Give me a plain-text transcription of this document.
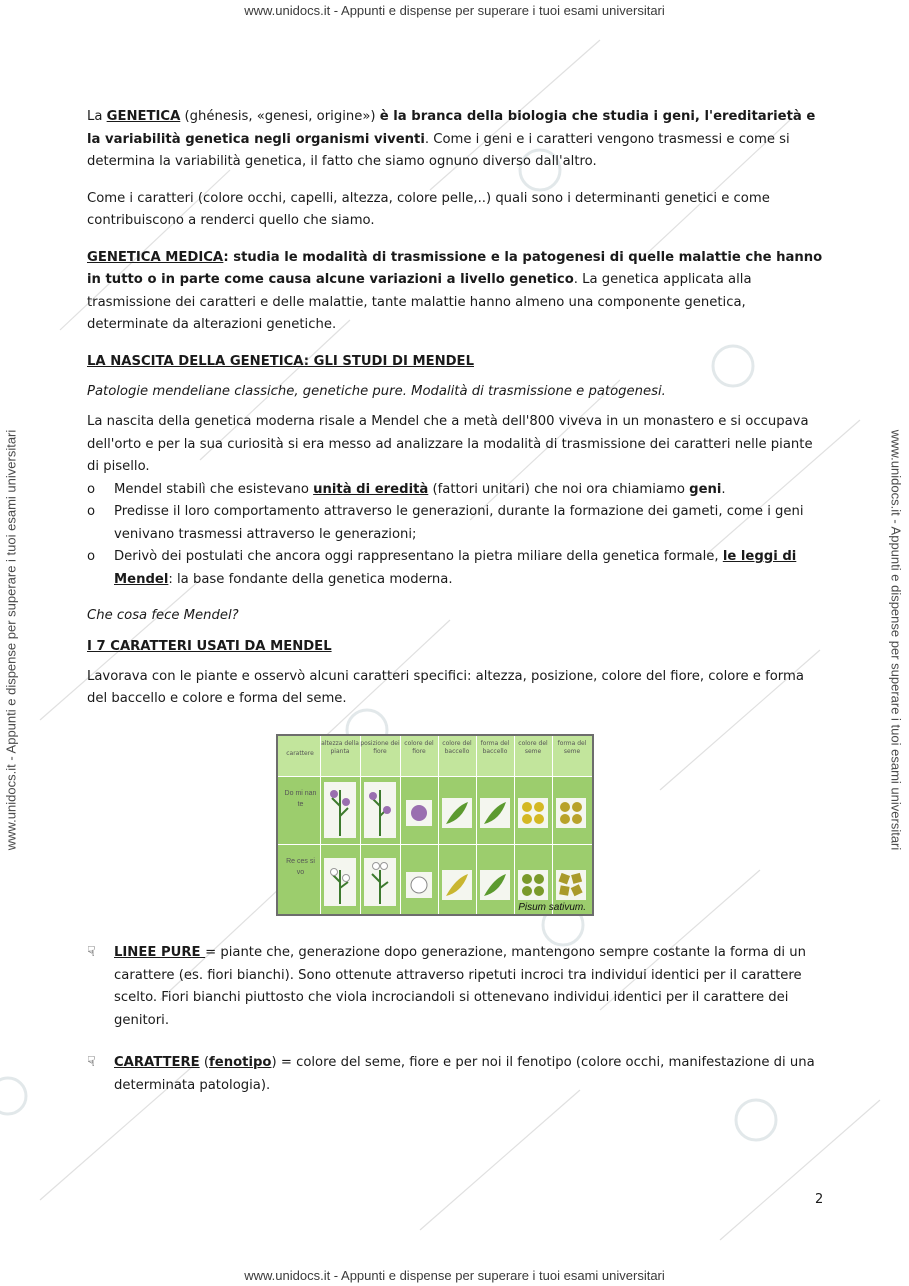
www.unidocs.it - Appunti e dispense per superare i tuoi esami universitari
www.unidocs.it - Appunti e dispense per superare i tuoi esami universitari
www.unidocs.it - Appunti e dispense per superare i tuoi esami universitari	www.unidocs.it - Appunti e dispense per superare i tuoi esami universitari

La GENETICA (ghénesis, «genesi, origine») è la branca della biologia che studia i geni, l'ereditarietà e la variabilità genetica negli organismi viventi. Come i geni e i caratteri vengono trasmessi e come si determina la variabilità genetica, il fatto che siamo ognuno diverso dall'altro.

Come i caratteri (colore occhi, capelli, altezza, colore pelle,..) quali sono i determinanti genetici e come contribuiscono a renderci quello che siamo.

GENETICA MEDICA: studia le modalità di trasmissione e la patogenesi di quelle malattie che hanno in tutto o in parte come causa alcune variazioni a livello genetico. La genetica applicata alla trasmissione dei caratteri e delle malattie, tante malattie hanno almeno una componente genetica, determinate da alterazioni genetiche.

LA NASCITA DELLA GENETICA: GLI STUDI DI MENDEL

Patologie mendeliane classiche, genetiche pure. Modalità di trasmissione e patogenesi.

La nascita della genetica moderna risale a Mendel che a metà dell'800 viveva in un monastero e si occupava dell'orto e per la sua curiosità si era messo ad analizzare la modalità di trasmissione dei caratteri nelle piante di pisello.

o Mendel stabilì che esistevano unità di eredità (fattori unitari) che noi ora chiamiamo geni.
o Predisse il loro comportamento attraverso le generazioni, durante la formazione dei gameti, come i geni venivano trasmessi attraverso le generazioni;
o Derivò dei postulati che ancora oggi rappresentano la pietra miliare della genetica formale, le leggi di Mendel: la base fondante della genetica moderna.

Che cosa fece Mendel?

I 7 CARATTERI USATI DA MENDEL

Lavorava con le piante e osservò alcuni caratteri specifici: altezza, posizione, colore del fiore, colore e forma del baccello e colore e forma del seme.

carattere
altezza della pianta
posizione dei fiore
colore del fiore
colore del baccello
forma del baccello
colore del seme
forma del seme
Do mi nan te
Re ces si vo
Pisum sativum.

☟ LINEE PURE = piante che, generazione dopo generazione, mantengono sempre costante la forma di un carattere (es. fiori bianchi). Sono ottenute attraverso ripetuti incroci tra individui identici per il carattere scelto. Fiori bianchi piuttosto che viola incrociandoli si ottenevano individui identici per il carattere dei genitori.

☟ CARATTERE (fenotipo) = colore del seme, fiore e per noi il fenotipo (colore occhi, manifestazione di una determinata patologia).

2
